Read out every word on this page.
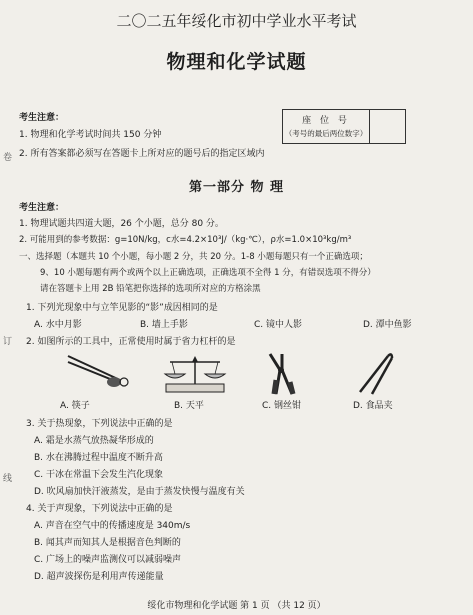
二〇二五年绥化市初中学业水平考试
物理和化学试题
考生注意：
1. 物理和化学考试时间共 150 分钟
2. 所有答案都必须写在答题卡上所对应的题号后的指定区域内
座 位 号
（考号的最后两位数字）
第一部分 物 理
考生注意：
1. 物理试题共四道大题，26 个小题，总分 80 分。
2. 可能用到的参考数据：g=10N/kg，c水=4.2×10³J/（kg·℃），ρ水=1.0×10³kg/m³
一、选择题（本题共 10 个小题，每小题 2 分，共 20 分。1-8 小题每题只有一个正确选项；
9、10 小题每题有两个或两个以上正确选项，正确选项不全得 1 分，有错误选项不得分）
请在答题卡上用 2B 铅笔把你选择的选项所对应的方格涂黑
1. 下列光现象中与立竿见影的“影”成因相同的是
A. 水中月影	B. 墙上手影	C. 镜中人影	D. 潭中鱼影
2. 如图所示的工具中，正常使用时属于省力杠杆的是
A. 筷子	B. 天平	C. 钢丝钳	D. 食品夹
3. 关于热现象，下列说法中正确的是
A. 霜是水蒸气放热凝华形成的
B. 水在沸腾过程中温度不断升高
C. 干冰在常温下会发生汽化现象
D. 吹风扇加快汗液蒸发，是由于蒸发快慢与温度有关
4. 关于声现象，下列说法中正确的是
A. 声音在空气中的传播速度是 340m/s
B. 闻其声而知其人是根据音色判断的
C. 广场上的噪声监测仪可以减弱噪声
D. 超声波探伤是利用声传递能量
卷
订
线
绥化市物理和化学试题 第 1 页 （共 12 页）
